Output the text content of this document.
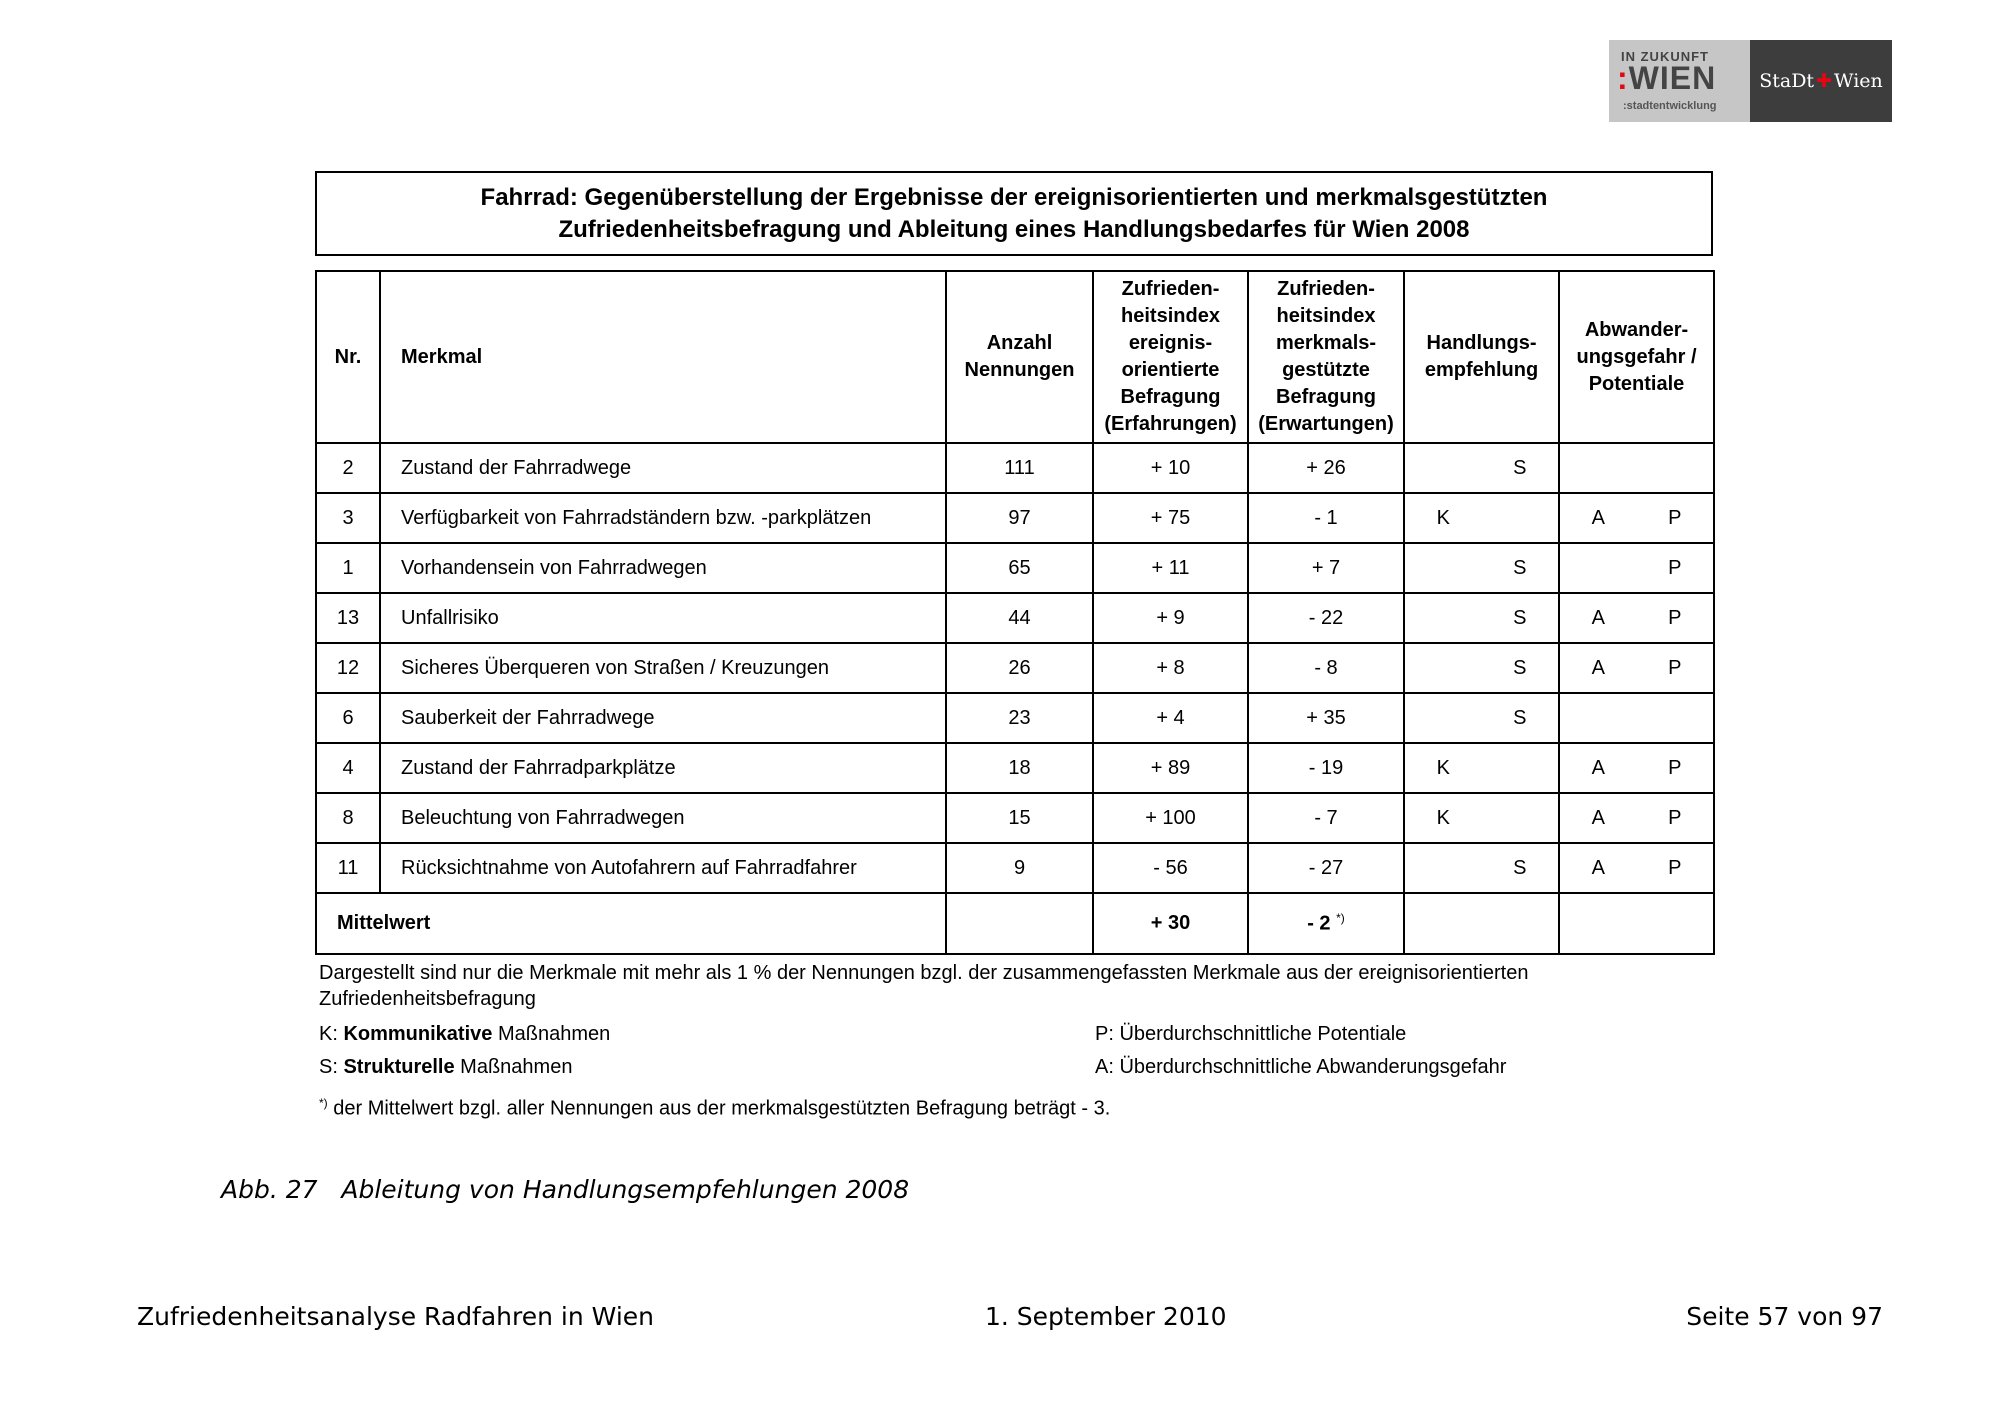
IN ZUKUNFT
:WIEN
:stadtentwicklung
StaDt ✚ Wien
Fahrrad: Gegenüberstellung der Ergebnisse der ereignisorientierten und merkmalsgestützten
Zufriedenheitsbefragung und Ableitung eines Handlungsbedarfes für Wien 2008
Nr.	Merkmal	Anzahl Nennungen	Zufrieden-heitsindex ereignis-orientierte Befragung (Erfahrungen)	Zufrieden-heitsindex merkmals-gestützte Befragung (Erwartungen)	Handlungs-empfehlung	Abwander-ungsgefahr / Potentiale
2	Zustand der Fahrradwege	111	+ 10	+ 26	S	

3	Verfügbarkeit von Fahrradständern bzw. -parkplätzen	97	+ 75	- 1	K	A P

1	Vorhandensein von Fahrradwegen	65	+ 11	+ 7	S	P

13	Unfallrisiko	44	+ 9	- 22	S	A P

12	Sicheres Überqueren von Straßen / Kreuzungen	26	+ 8	- 8	S	A P

6	Sauberkeit der Fahrradwege	23	+ 4	+ 35	S	

4	Zustand der Fahrradparkplätze	18	+ 89	- 19	K	A P

8	Beleuchtung von Fahrradwegen	15	+ 100	- 7	K	A P

11	Rücksichtnahme von Autofahrern auf Fahrradfahrer	9	- 56	- 27	S	A P

Mittelwert			+ 30	- 2 *)		
Dargestellt sind nur die Merkmale mit mehr als 1 % der Nennungen bzgl. der zusammengefassten Merkmale aus der ereignisorientierten
Zufriedenheitsbefragung
K: Kommunikative Maßnahmen
S: Strukturelle Maßnahmen
P: Überdurchschnittliche Potentiale
A: Überdurchschnittliche Abwanderungsgefahr
*) der Mittelwert bzgl. aller Nennungen aus der merkmalsgestützten Befragung beträgt - 3.
Abb. 27   Ableitung von Handlungsempfehlungen 2008
Zufriedenheitsanalyse Radfahren in Wien	1. September 2010	Seite 57 von 97
